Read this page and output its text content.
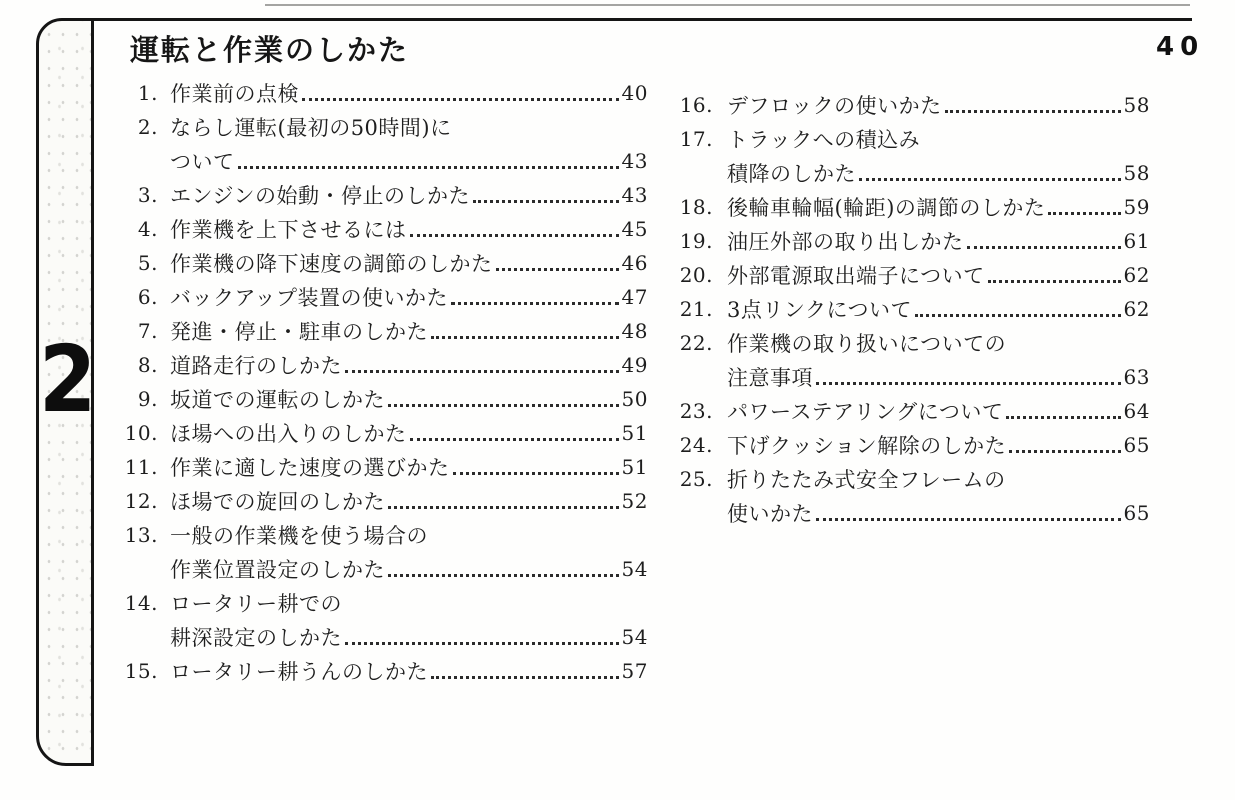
2
運転と作業のしかた	40
1. 作業前の点検	40
2. ならし運転(最初の50時間)に
ついて	43
3. エンジンの始動・停止のしかた	43
4. 作業機を上下させるには	45
5. 作業機の降下速度の調節のしかた	46
6. バックアップ装置の使いかた	47
7. 発進・停止・駐車のしかた	48
8. 道路走行のしかた	49
9. 坂道での運転のしかた	50
10. ほ場への出入りのしかた	51
11. 作業に適した速度の選びかた	51
12. ほ場での旋回のしかた	52
13. 一般の作業機を使う場合の
作業位置設定のしかた	54
14. ロータリー耕での
耕深設定のしかた	54
15. ロータリー耕うんのしかた	57
16. デフロックの使いかた	58
17. トラックへの積込み
積降のしかた	58
18. 後輪車輪幅(輪距)の調節のしかた	59
19. 油圧外部の取り出しかた	61
20. 外部電源取出端子について	62
21. 3点リンクについて	62
22. 作業機の取り扱いについての
注意事項	63
23. パワーステアリングについて	64
24. 下げクッション解除のしかた	65
25. 折りたたみ式安全フレームの
使いかた	65
